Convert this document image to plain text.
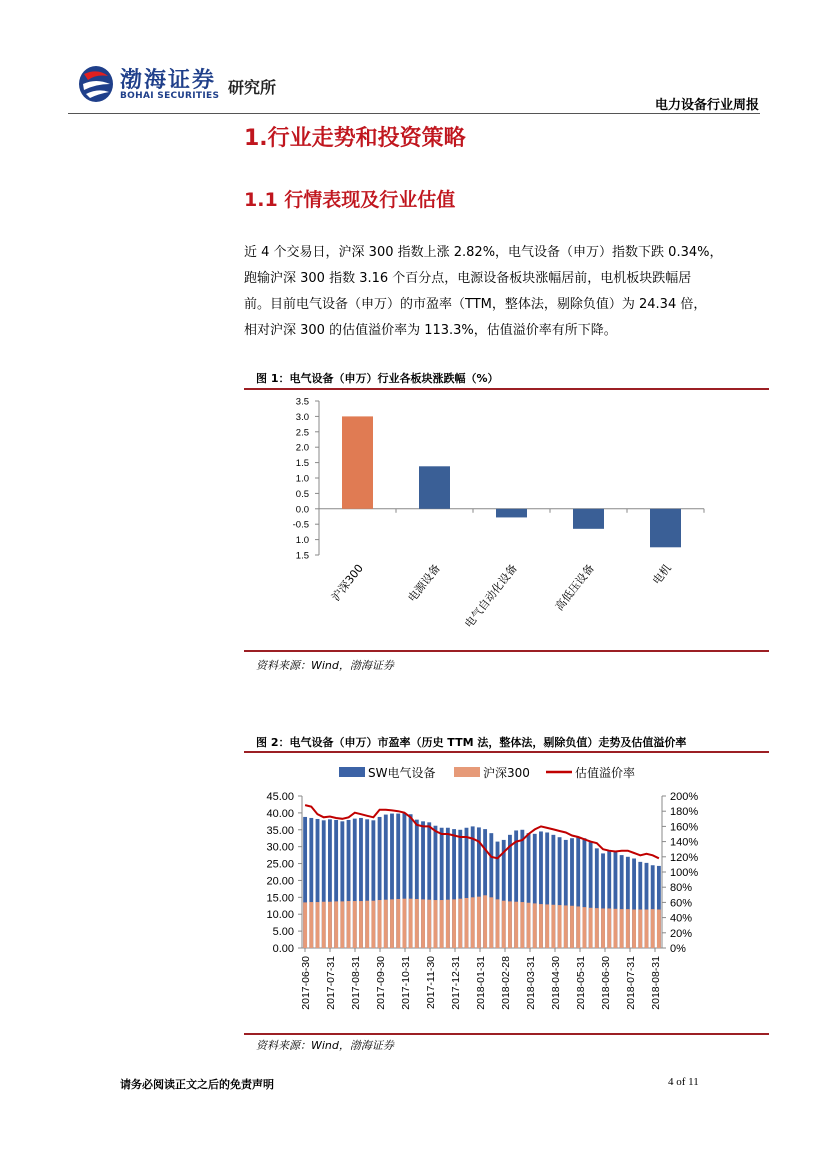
渤海证券
BOHAI SECURITIES 研究所
电力设备行业周报
1.行业走势和投资策略
1.1 行情表现及行业估值
近 4 个交易日，沪深 300 指数上涨 2.82%，电气设备（申万）指数下跌 0.34%，
跑输沪深 300 指数 3.16 个百分点，电源设备板块涨幅居前，电机板块跌幅居
前。目前电气设备（申万）的市盈率（TTM，整体法，剔除负值）为 24.34 倍，
相对沪深 300 的估值溢价率为 113.3%，估值溢价率有所下降。
图 1：电气设备（申万）行业各板块涨跌幅（%）
3.5
3.0
2.5
2.0
1.5
1.0
0.5
0.0
-0.5
1.0
1.5
沪深300	电源设备 电气自动化设备	高低压设备	电机
资料来源：Wind，渤海证券
图 2：电气设备（申万）市盈率（历史 TTM 法，整体法，剔除负值）走势及估值溢价率
SW电气设备	沪深300	估值溢价率
45.00
40.00
35.00
30.00
25.00
20.00
15.00
10.00
5.00
0.00
200%
180%
160%
140%
120%
100%
80%
60%
40%
20%
0%
2017-06-30 2017-07-31 2017-08-31 2017-09-30 2017-10-31 2017-11-30 2017-12-31 2018-01-31 2018-02-28 2018-03-31 2018-04-30 2018-05-31 2018-06-30 2018-07-31 2018-08-31
资料来源：Wind，渤海证券
请务必阅读正文之后的免责声明	4 of 11
